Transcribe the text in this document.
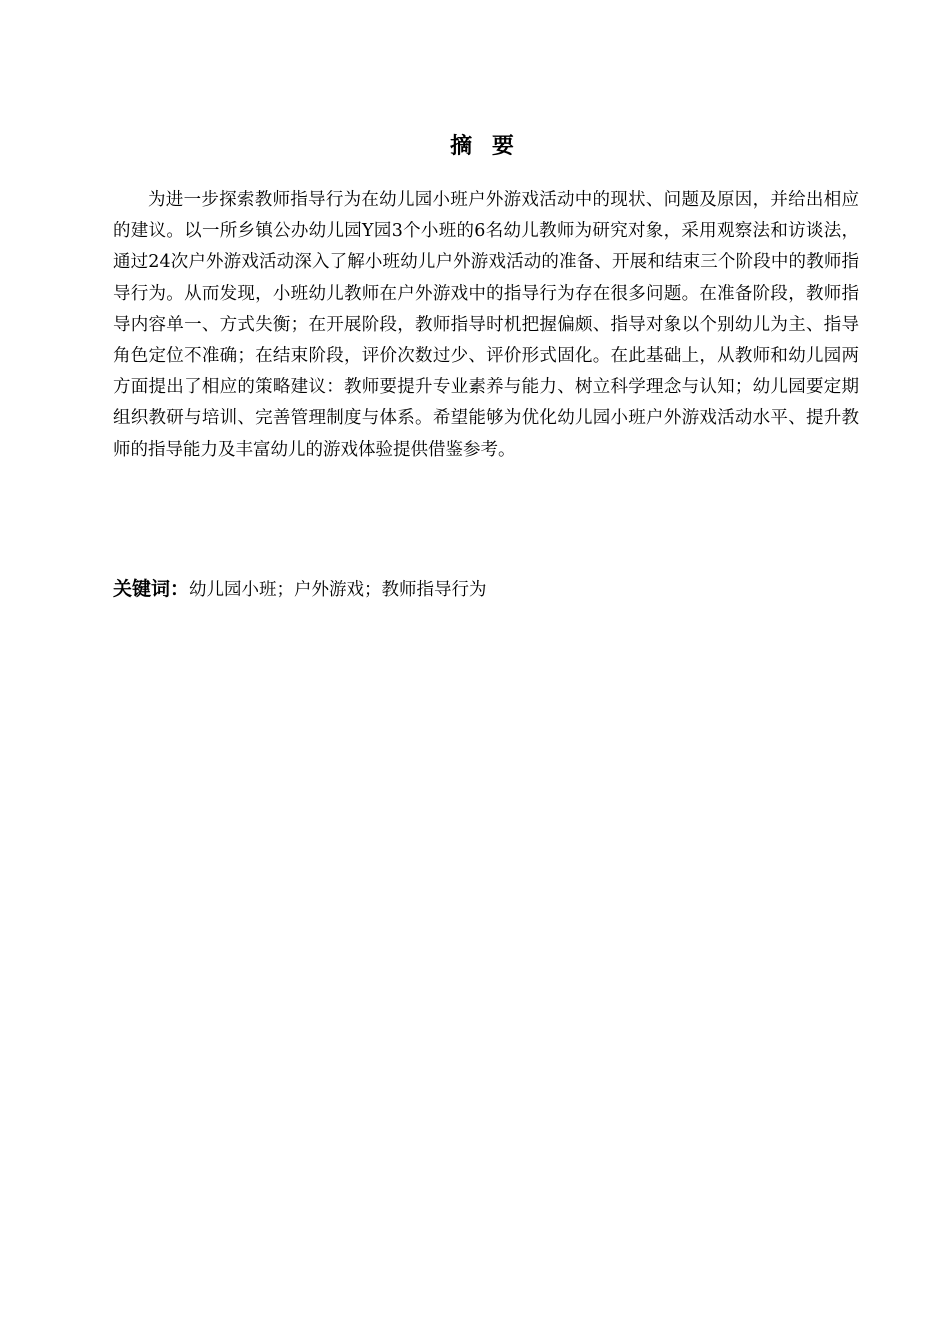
摘 要

为进一步探索教师指导行为在幼儿园小班户外游戏活动中的现状、问题及原因，并给出相应的建议。以一所乡镇公办幼儿园Y园3个小班的6名幼儿教师为研究对象，采用观察法和访谈法，通过24次户外游戏活动深入了解小班幼儿户外游戏活动的准备、开展和结束三个阶段中的教师指导行为。从而发现，小班幼儿教师在户外游戏中的指导行为存在很多问题。在准备阶段，教师指导内容单一、方式失衡；在开展阶段，教师指导时机把握偏颇、指导对象以个别幼儿为主、指导角色定位不准确；在结束阶段，评价次数过少、评价形式固化。在此基础上，从教师和幼儿园两方面提出了相应的策略建议：教师要提升专业素养与能力、树立科学理念与认知；幼儿园要定期组织教研与培训、完善管理制度与体系。希望能够为优化幼儿园小班户外游戏活动水平、提升教师的指导能力及丰富幼儿的游戏体验提供借鉴参考。

关键词：幼儿园小班；户外游戏；教师指导行为
